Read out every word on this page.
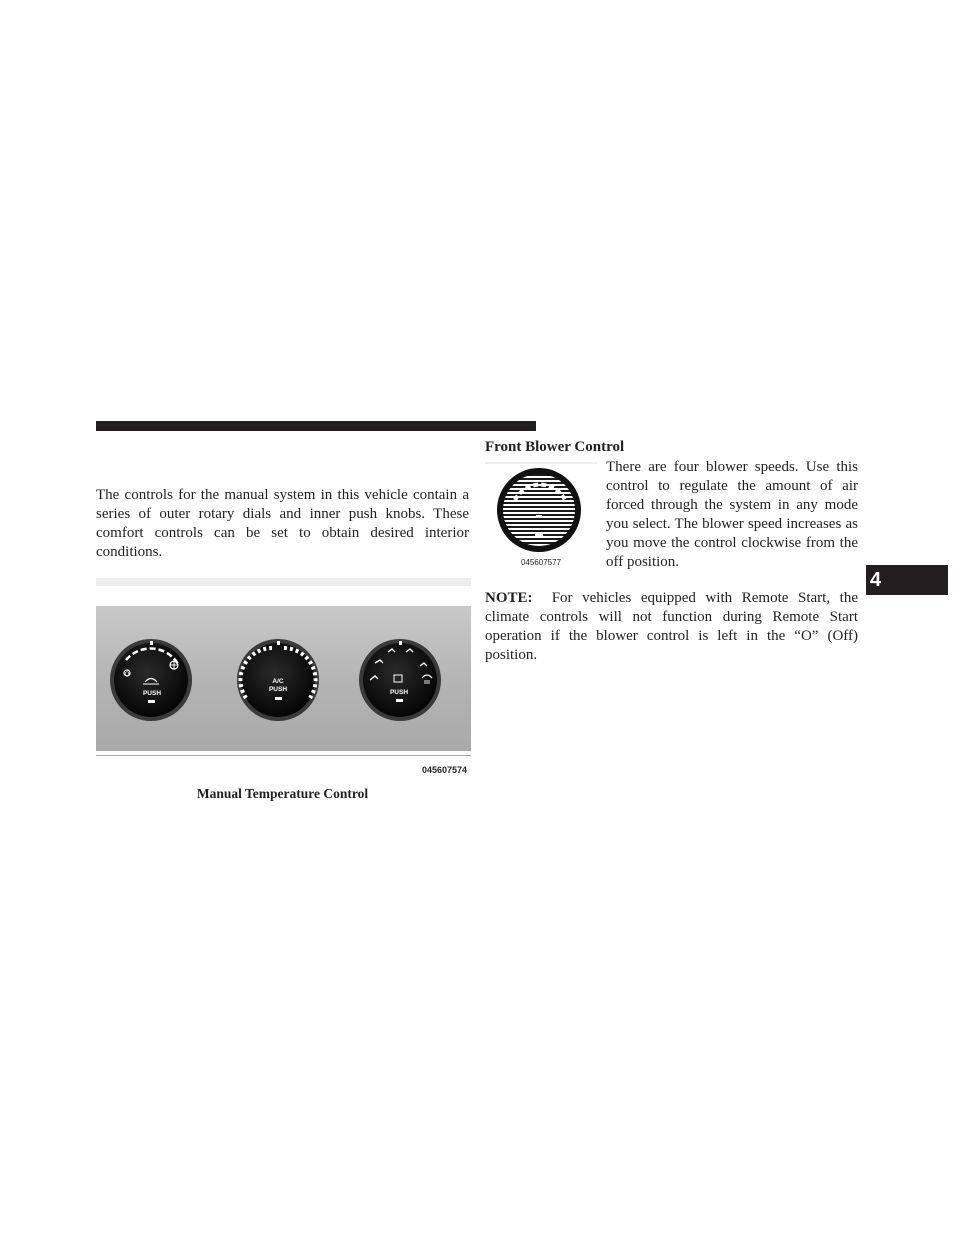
The controls for the manual system in this vehicle contain a series of outer rotary dials and inner push knobs. These comfort controls can be set to obtain desired interior conditions.

O
PUSH
A/C
PUSH	PUSH
045607574
Manual Temperature Control
Front Blower Control
045607577

There are four blower speeds. Use this control to regulate the amount of air forced through the system in any mode you select. The blower speed increases as you move the control clockwise from the off position.

NOTE: For vehicles equipped with Remote Start, the climate controls will not function during Remote Start operation if the blower control is left in the “O” (Off) position.

4
